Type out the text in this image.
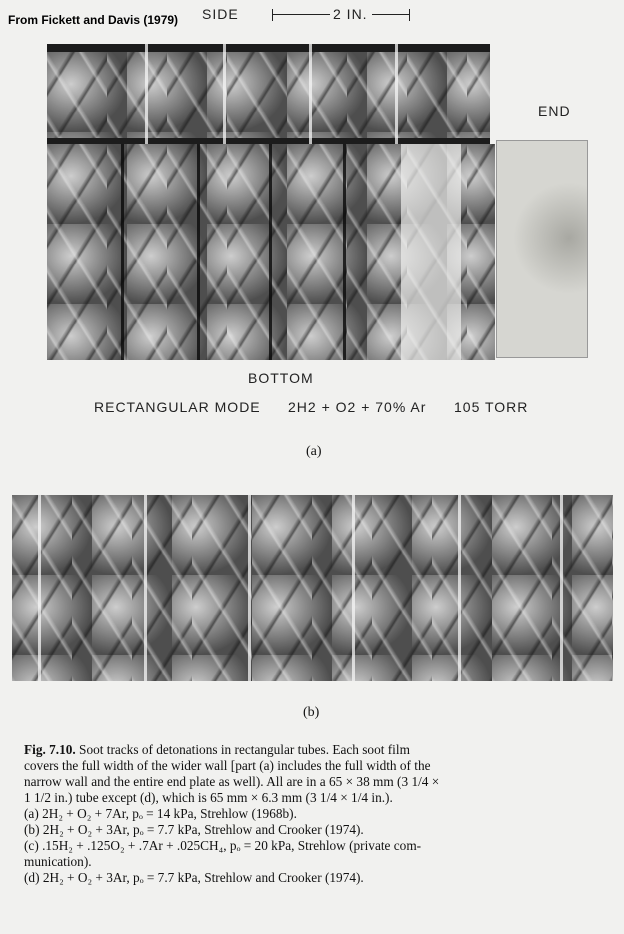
From Fickett and Davis (1979) SIDE	2 IN.
END
BOTTOM
RECTANGULAR MODE 2H2 + O2 + 70% Ar 105 TORR
(a)
(b)
Fig. 7.10. Soot tracks of detonations in rectangular tubes. Each soot film
covers the full width of the wider wall [part (a) includes the full width of the
narrow wall and the entire end plate as well). All are in a 65 × 38 mm (3 1/4 ×
1 1/2 in.) tube except (d), which is 65 mm × 6.3 mm (3 1/4 × 1/4 in.).
(a) 2H₂ + O₂ + 7Ar, pₒ = 14 kPa, Strehlow (1968b).
(b) 2H₂ + O₂ + 3Ar, pₒ = 7.7 kPa, Strehlow and Crooker (1974).
(c) .15H₂ + .125O₂ + .7Ar + .025CH₄, pₒ = 20 kPa, Strehlow (private com-
munication).
(d) 2H₂ + O₂ + 3Ar, pₒ = 7.7 kPa, Strehlow and Crooker (1974).
